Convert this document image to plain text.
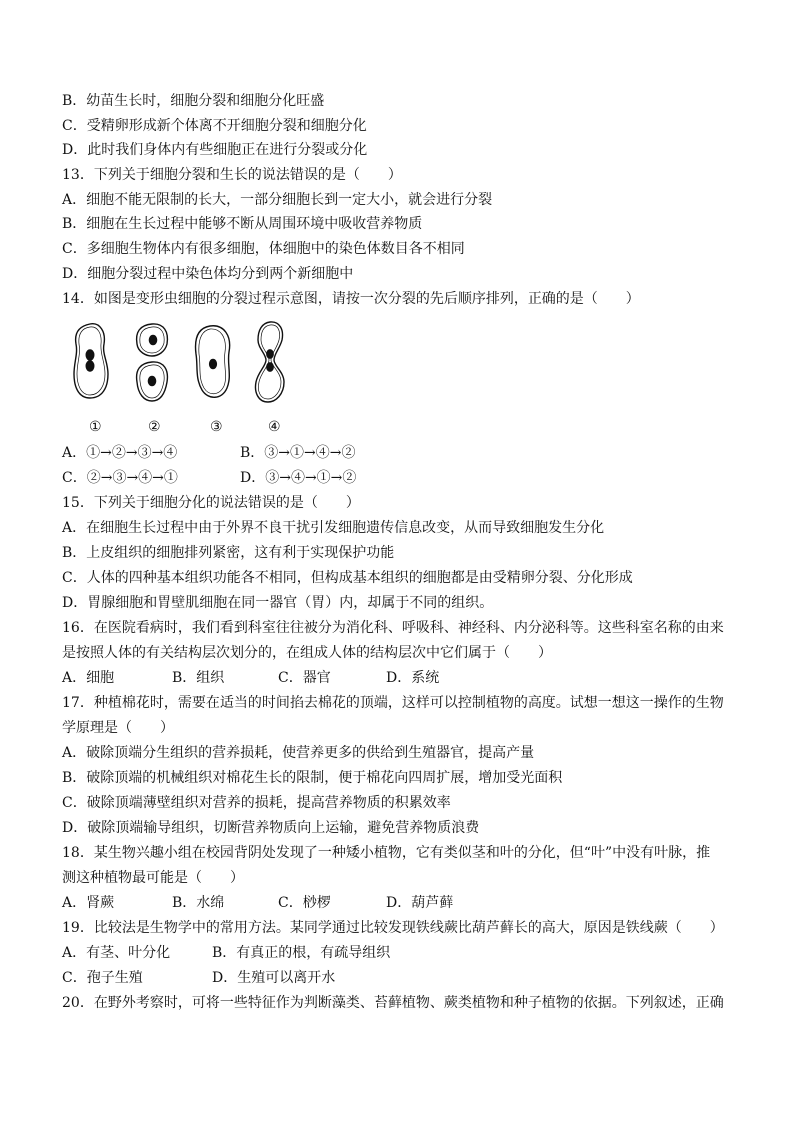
B．幼苗生长时，细胞分裂和细胞分化旺盛
C．受精卵形成新个体离不开细胞分裂和细胞分化
D．此时我们身体内有些细胞正在进行分裂或分化
13．下列关于细胞分裂和生长的说法错误的是（　　）
A．细胞不能无限制的长大，一部分细胞长到一定大小，就会进行分裂
B．细胞在生长过程中能够不断从周围环境中吸收营养物质
C．多细胞生物体内有很多细胞，体细胞中的染色体数目各不相同
D．细胞分裂过程中染色体均分到两个新细胞中
14．如图是变形虫细胞的分裂过程示意图，请按一次分裂的先后顺序排列，正确的是（　　）
①	②	③	④
A．①→②→③→④	B．③→①→④→②
C．②→③→④→①	D．③→④→①→②
15．下列关于细胞分化的说法错误的是（　　）
A．在细胞生长过程中由于外界不良干扰引发细胞遗传信息改变，从而导致细胞发生分化
B．上皮组织的细胞排列紧密，这有利于实现保护功能
C．人体的四种基本组织功能各不相同，但构成基本组织的细胞都是由受精卵分裂、分化形成
D．胃腺细胞和胃壁肌细胞在同一器官（胃）内，却属于不同的组织。
16．在医院看病时，我们看到科室往往被分为消化科、呼吸科、神经科、内分泌科等。这些科室名称的由来
是按照人体的有关结构层次划分的，在组成人体的结构层次中它们属于（　　）
A．细胞	B．组织	C．器官	D．系统
17．种植棉花时，需要在适当的时间掐去棉花的顶端，这样可以控制植物的高度。试想一想这一操作的生物
学原理是（　　）
A．破除顶端分生组织的营养损耗，使营养更多的供给到生殖器官，提高产量
B．破除顶端的机械组织对棉花生长的限制，便于棉花向四周扩展，增加受光面积
C．破除顶端薄壁组织对营养的损耗，提高营养物质的积累效率
D．破除顶端输导组织，切断营养物质向上运输，避免营养物质浪费
18．某生物兴趣小组在校园背阴处发现了一种矮小植物，它有类似茎和叶的分化，但“叶”中没有叶脉，推
测这种植物最可能是（　　）
A．肾蕨	B．水绵	C．桫椤	D．葫芦藓
19．比较法是生物学中的常用方法。某同学通过比较发现铁线蕨比葫芦藓长的高大，原因是铁线蕨（　　）
A．有茎、叶分化	B．有真正的根，有疏导组织
C．孢子生殖	D．生殖可以离开水
20．在野外考察时，可将一些特征作为判断藻类、苔藓植物、蕨类植物和种子植物的依据。下列叙述，正确
